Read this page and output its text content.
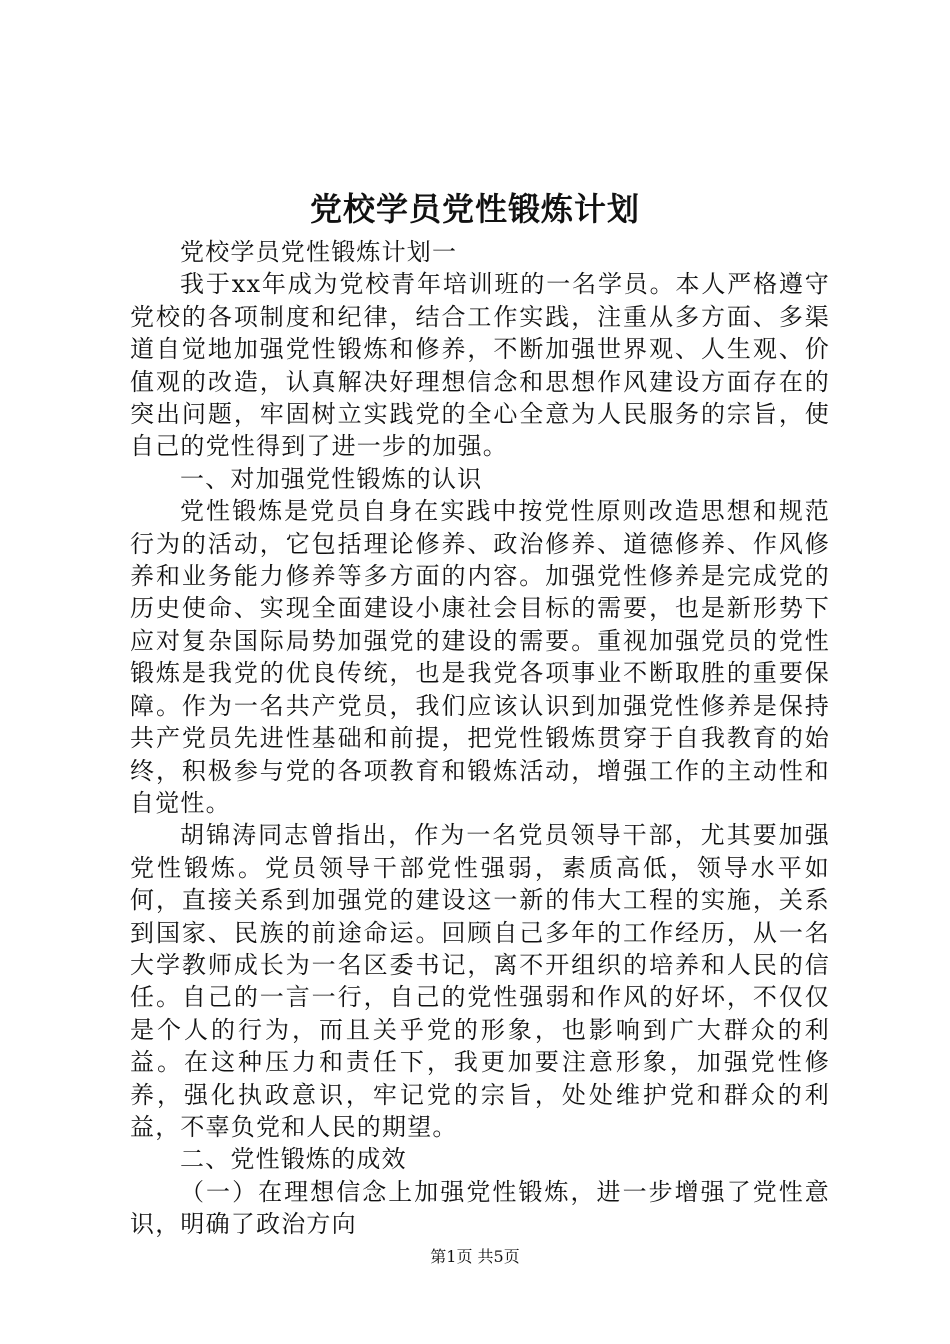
党校学员党性锻炼计划

党校学员党性锻炼计划一

我于xx年成为党校青年培训班的一名学员。本人严格遵守党校的各项制度和纪律，结合工作实践，注重从多方面、多渠道自觉地加强党性锻炼和修养，不断加强世界观、人生观、价值观的改造，认真解决好理想信念和思想作风建设方面存在的突出问题，牢固树立实践党的全心全意为人民服务的宗旨，使自己的党性得到了进一步的加强。

一、对加强党性锻炼的认识

党性锻炼是党员自身在实践中按党性原则改造思想和规范行为的活动，它包括理论修养、政治修养、道德修养、作风修养和业务能力修养等多方面的内容。加强党性修养是完成党的历史使命、实现全面建设小康社会目标的需要，也是新形势下应对复杂国际局势加强党的建设的需要。重视加强党员的党性锻炼是我党的优良传统，也是我党各项事业不断取胜的重要保障。作为一名共产党员，我们应该认识到加强党性修养是保持共产党员先进性基础和前提，把党性锻炼贯穿于自我教育的始终，积极参与党的各项教育和锻炼活动，增强工作的主动性和自觉性。

胡锦涛同志曾指出，作为一名党员领导干部，尤其要加强党性锻炼。党员领导干部党性强弱，素质高低，领导水平如何，直接关系到加强党的建设这一新的伟大工程的实施，关系到国家、民族的前途命运。回顾自己多年的工作经历，从一名大学教师成长为一名区委书记，离不开组织的培养和人民的信任。自己的一言一行，自己的党性强弱和作风的好坏，不仅仅是个人的行为，而且关乎党的形象，也影响到广大群众的利益。在这种压力和责任下，我更加要注意形象，加强党性修养，强化执政意识，牢记党的宗旨，处处维护党和群众的利益，不辜负党和人民的期望。

二、党性锻炼的成效

（一）在理想信念上加强党性锻炼，进一步增强了党性意识，明确了政治方向

第1页 共5页
